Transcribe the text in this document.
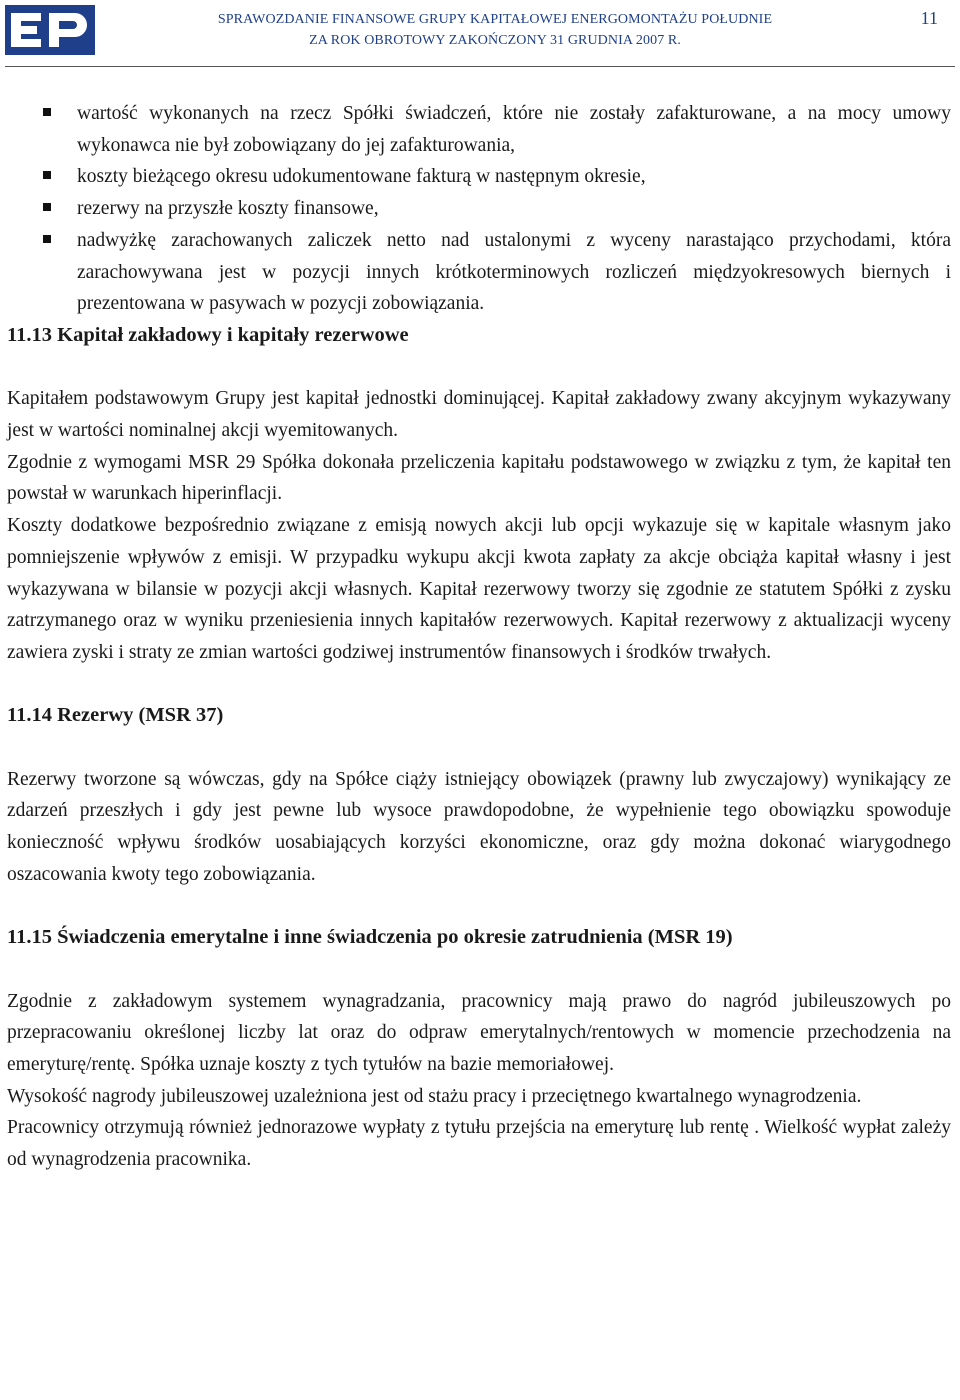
SPRAWOZDANIE FINANSOWE GRUPY KAPITAŁOWEJ ENERGOMONTAŻU POŁUDNIE
ZA ROK OBROTOWY ZAKOŃCZONY 31 GRUDNIA 2007 R.
11
wartość wykonanych na rzecz Spółki świadczeń, które nie zostały zafakturowane, a na mocy umowy wykonawca nie był zobowiązany do jej zafakturowania,
koszty bieżącego okresu udokumentowane fakturą w następnym okresie,
rezerwy na przyszłe koszty finansowe,
nadwyżkę zarachowanych zaliczek netto nad ustalonymi z wyceny narastająco przychodami, która zarachowywana jest w pozycji innych krótkoterminowych rozliczeń międzyokresowych biernych i prezentowana w pasywach w pozycji zobowiązania.
11.13 Kapitał zakładowy i kapitały rezerwowe

Kapitałem podstawowym Grupy jest kapitał jednostki dominującej. Kapitał zakładowy zwany akcyjnym wykazywany jest w wartości nominalnej akcji wyemitowanych.

Zgodnie z wymogami MSR 29 Spółka dokonała przeliczenia kapitału podstawowego w związku z tym, że kapitał ten powstał w warunkach hiperinflacji.

Koszty dodatkowe bezpośrednio związane z emisją nowych akcji lub opcji wykazuje się w kapitale własnym jako pomniejszenie wpływów z emisji. W przypadku wykupu akcji kwota zapłaty za akcje obciąża kapitał własny i jest wykazywana w bilansie w pozycji akcji własnych. Kapitał rezerwowy tworzy się zgodnie ze statutem Spółki z zysku zatrzymanego oraz w wyniku przeniesienia innych kapitałów rezerwowych. Kapitał rezerwowy z aktualizacji wyceny zawiera zyski i straty ze zmian wartości godziwej instrumentów finansowych i środków trwałych.

11.14 Rezerwy (MSR 37)

Rezerwy tworzone są wówczas, gdy na Spółce ciąży istniejący obowiązek (prawny lub zwyczajowy) wynikający ze zdarzeń przeszłych i gdy jest pewne lub wysoce prawdopodobne, że wypełnienie tego obowiązku spowoduje konieczność wpływu środków uosabiających korzyści ekonomiczne, oraz gdy można dokonać wiarygodnego oszacowania kwoty tego zobowiązania.

11.15 Świadczenia emerytalne i inne świadczenia po okresie zatrudnienia (MSR 19)

Zgodnie z zakładowym systemem wynagradzania, pracownicy mają prawo do nagród jubileuszowych po przepracowaniu określonej liczby lat oraz do odpraw emerytalnych/rentowych w momencie przechodzenia na emeryturę/rentę. Spółka uznaje koszty z tych tytułów na bazie memoriałowej.

Wysokość nagrody jubileuszowej uzależniona jest od stażu pracy i przeciętnego kwartalnego wynagrodzenia.

Pracownicy otrzymują również jednorazowe wypłaty z tytułu przejścia na emeryturę lub rentę . Wielkość wypłat zależy od wynagrodzenia pracownika.
